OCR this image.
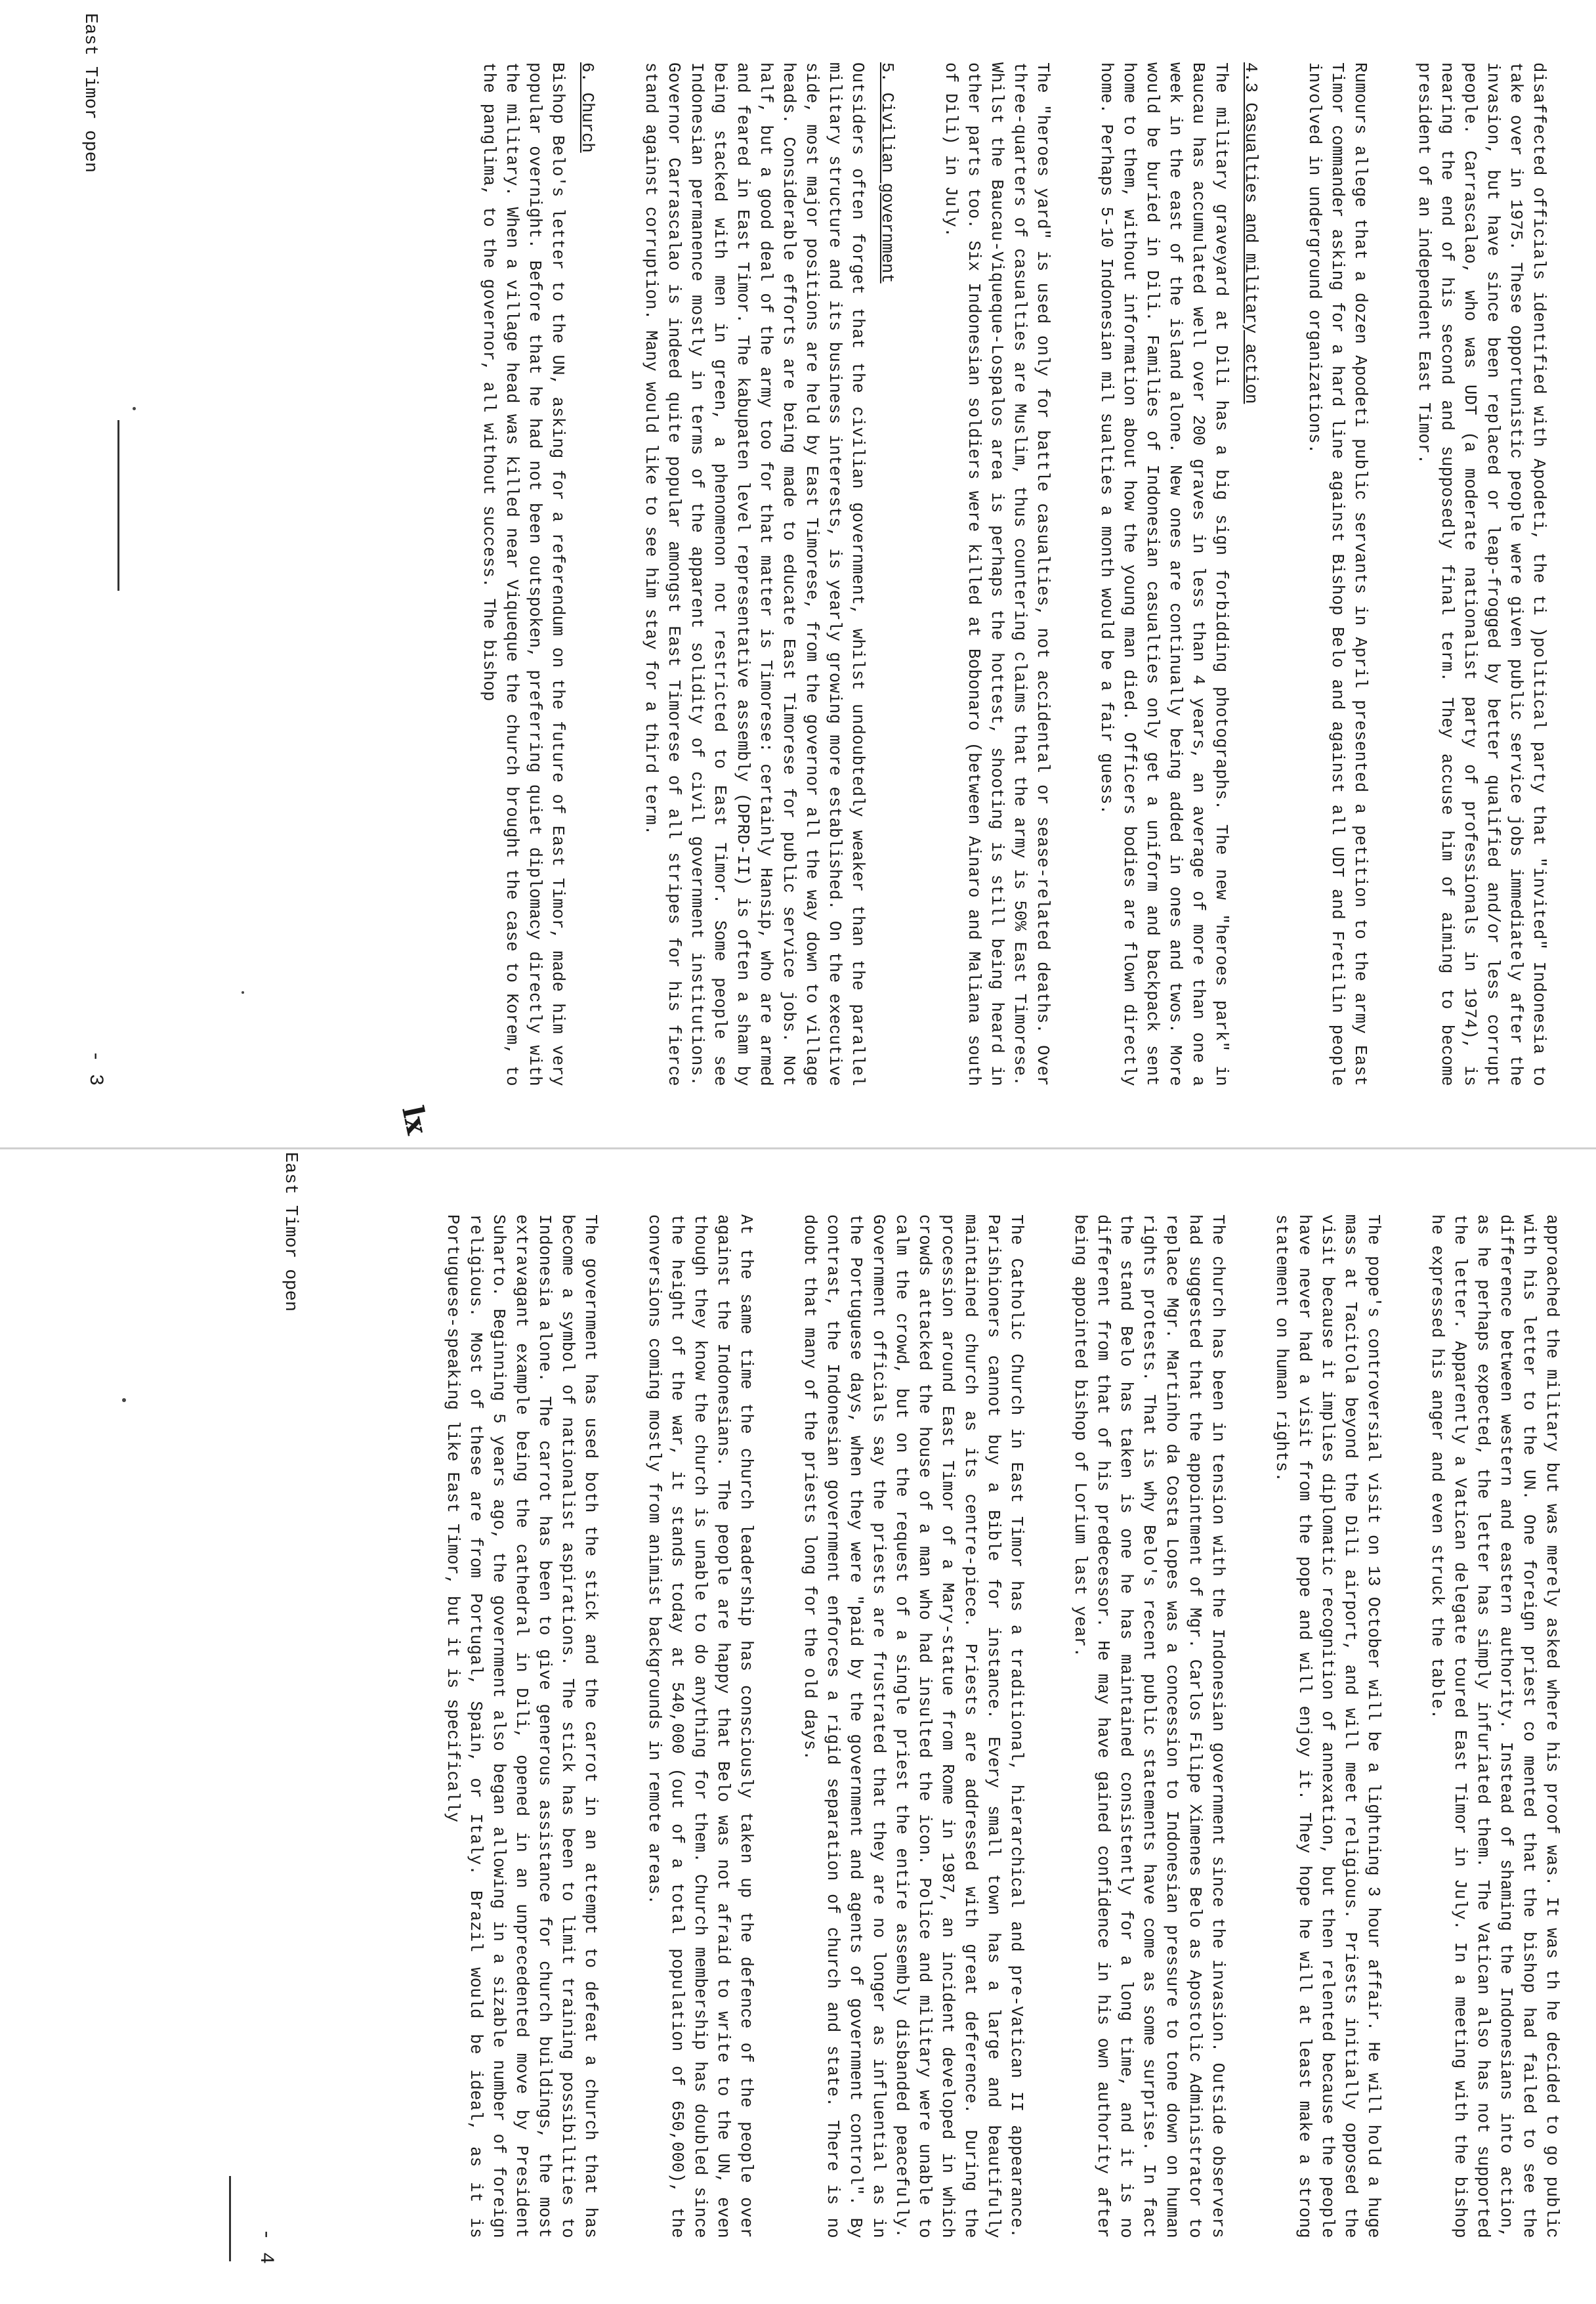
disaffected officials identified with Apodeti, the ti )political party that "invited" Indonesia to take over in 1975. These opportunistic people were given public service jobs immediately after the invasion, but have since been replaced or leap-frogged by better qualified and/or less corrupt people. Carrascalao, who was UDT (a moderate nationalist party of professionals in 1974), is nearing the end of his second and supposedly final term. They accuse him of aiming to become president of an independent East Timor.

Rumours allege that a dozen Apodeti public servants in April presented a petition to the army East Timor commander asking for a hard line against Bishop Belo and against all UDT and Fretilin people involved in underground organizations.

4.3 Casualties and military action

The military graveyard at Dili has a big sign forbidding photographs. The new "heroes park" in Baucau has accumulated well over 200 graves in less than 4 years, an average of more than one a week in the east of the island alone. New ones are continually being added in ones and twos. More would be buried in Dili. Families of Indonesian casualties only get a uniform and backpack sent home to them, without information about how the young man died. Officers bodies are flown directly home. Perhaps 5-10 Indonesian mil sualties a month would be a fair guess.

The "heroes yard" is used only for battle casualties, not accidental or sease-related deaths. Over three-quarters of casualties are Muslim, thus countering claims that the army is 50% East Timorese. Whilst the Baucau-Viqueque-Lospalos area is perhaps the hottest, shooting is still being heard in other parts too. Six Indonesian soldiers were killed at Bobonaro (between Ainaro and Maliana south of Dili) in July.

5. Civilian government

Outsiders often forget that the civilian government, whilst undoubtedly weaker than the parallel military structure and its business interests, is yearly growing more established. On the executive side, most major positions are held by East Timorese, from the governor all the way down to village heads. Considerable efforts are being made to educate East Timorese for public service jobs. Not half, but a good deal of the army too for that matter is Timorese: certainly Hansip, who are armed and feared in East Timor. The kabupaten level representative assembly (DPRD-II) is often a sham by being stacked with men in green, a phenomenon not restricted to East Timor. Some people see Indonesian permanence mostly in terms of the apparent solidity of civil government institutions. Governor Carrascalao is indeed quite popular amongst East Timorese of all stripes for his fierce stand against corruption. Many would like to see him stay for a third term.

6. Church

Bishop Belo's letter to the UN, asking for a referendum on the future of East Timor, made him very popular overnight. Before that he had not been outspoken, preferring quiet diplomacy directly with the military. When a village head was killed near Viqueque the church brought the case to Korem, to the panglima, to the governor, all without success. The bishop

East Timor open
- 3
lx

approached the military but was merely asked where his proof was. It was th he decided to go public with his letter to the UN. One foreign priest co mented that the bishop had failed to see the difference between western and eastern authority. Instead of shaming the Indonesians into action, as he perhaps expected, the letter has simply infuriated them. The Vatican also has not supported the letter. Apparently a Vatican delegate toured East Timor in July. In a meeting with the bishop he expressed his anger and even struck the table.

The pope's controversial visit on 13 October will be a lightning 3 hour affair. He will hold a huge mass at Tacitola beyond the Dili airport, and will meet religious. Priests initially opposed the visit because it implies diplomatic recognition of annexation, but then relented because the people have never had a visit from the pope and will enjoy it. They hope he will at least make a strong statement on human rights.

The church has been in tension with the Indonesian government since the invasion. Outside observers had suggested that the appointment of Mgr. Carlos Filipe Ximenes Belo as Apostolic Administrator to replace Mgr. Martinho da Costa Lopes was a concession to Indonesian pressure to tone down on human rights protests. That is why Belo's recent public statements have come as some surprise. In fact the stand Belo has taken is one he has maintained consistently for a long time, and it is no different from that of his predecessor. He may have gained confidence in his own authority after being appointed bishop of Lorium last year.

The Catholic Church in East Timor has a traditional, hierarchical and pre-Vatican II appearance. Parishioners cannot buy a Bible for instance. Every small town has a large and beautifully maintained church as its centre-piece. Priests are addressed with great deference. During the procession around East Timor of a Mary-statue from Rome in 1987, an incident developed in which crowds attacked the house of a man who had insulted the icon. Police and military were unable to calm the crowd, but on the request of a single priest the entire assembly disbanded peacefully. Government officials say the priests are frustrated that they are no longer as influential as in the Portuguese days, when they were "paid by the government and agents of government control". By contrast, the Indonesian government enforces a rigid separation of church and state. There is no doubt that many of the priests long for the old days.

At the same time the church leadership has consciously taken up the defence of the people over against the Indonesians. The people are happy that Belo was not afraid to write to the UN, even though they know the church is unable to do anything for them. Church membership has doubled since the height of the war, it stands today at 540,000 (out of a total population of 650,000), the conversions coming mostly from animist backgrounds in remote areas.

The government has used both the stick and the carrot in an attempt to defeat a church that has become a symbol of nationalist aspirations. The stick has been to limit training possibilities to Indonesia alone. The carrot has been to give generous assistance for church buildings, the most extravagant example being the cathedral in Dili, opened in an unprecedented move by President Suharto. Beginning 5 years ago, the government also began allowing in a sizable number of foreign religious. Most of these are from Portugal, Spain, or Italy. Brazil would be ideal, as it is Portuguese-speaking like East Timor, but it is specifically

East Timor open
- 4
